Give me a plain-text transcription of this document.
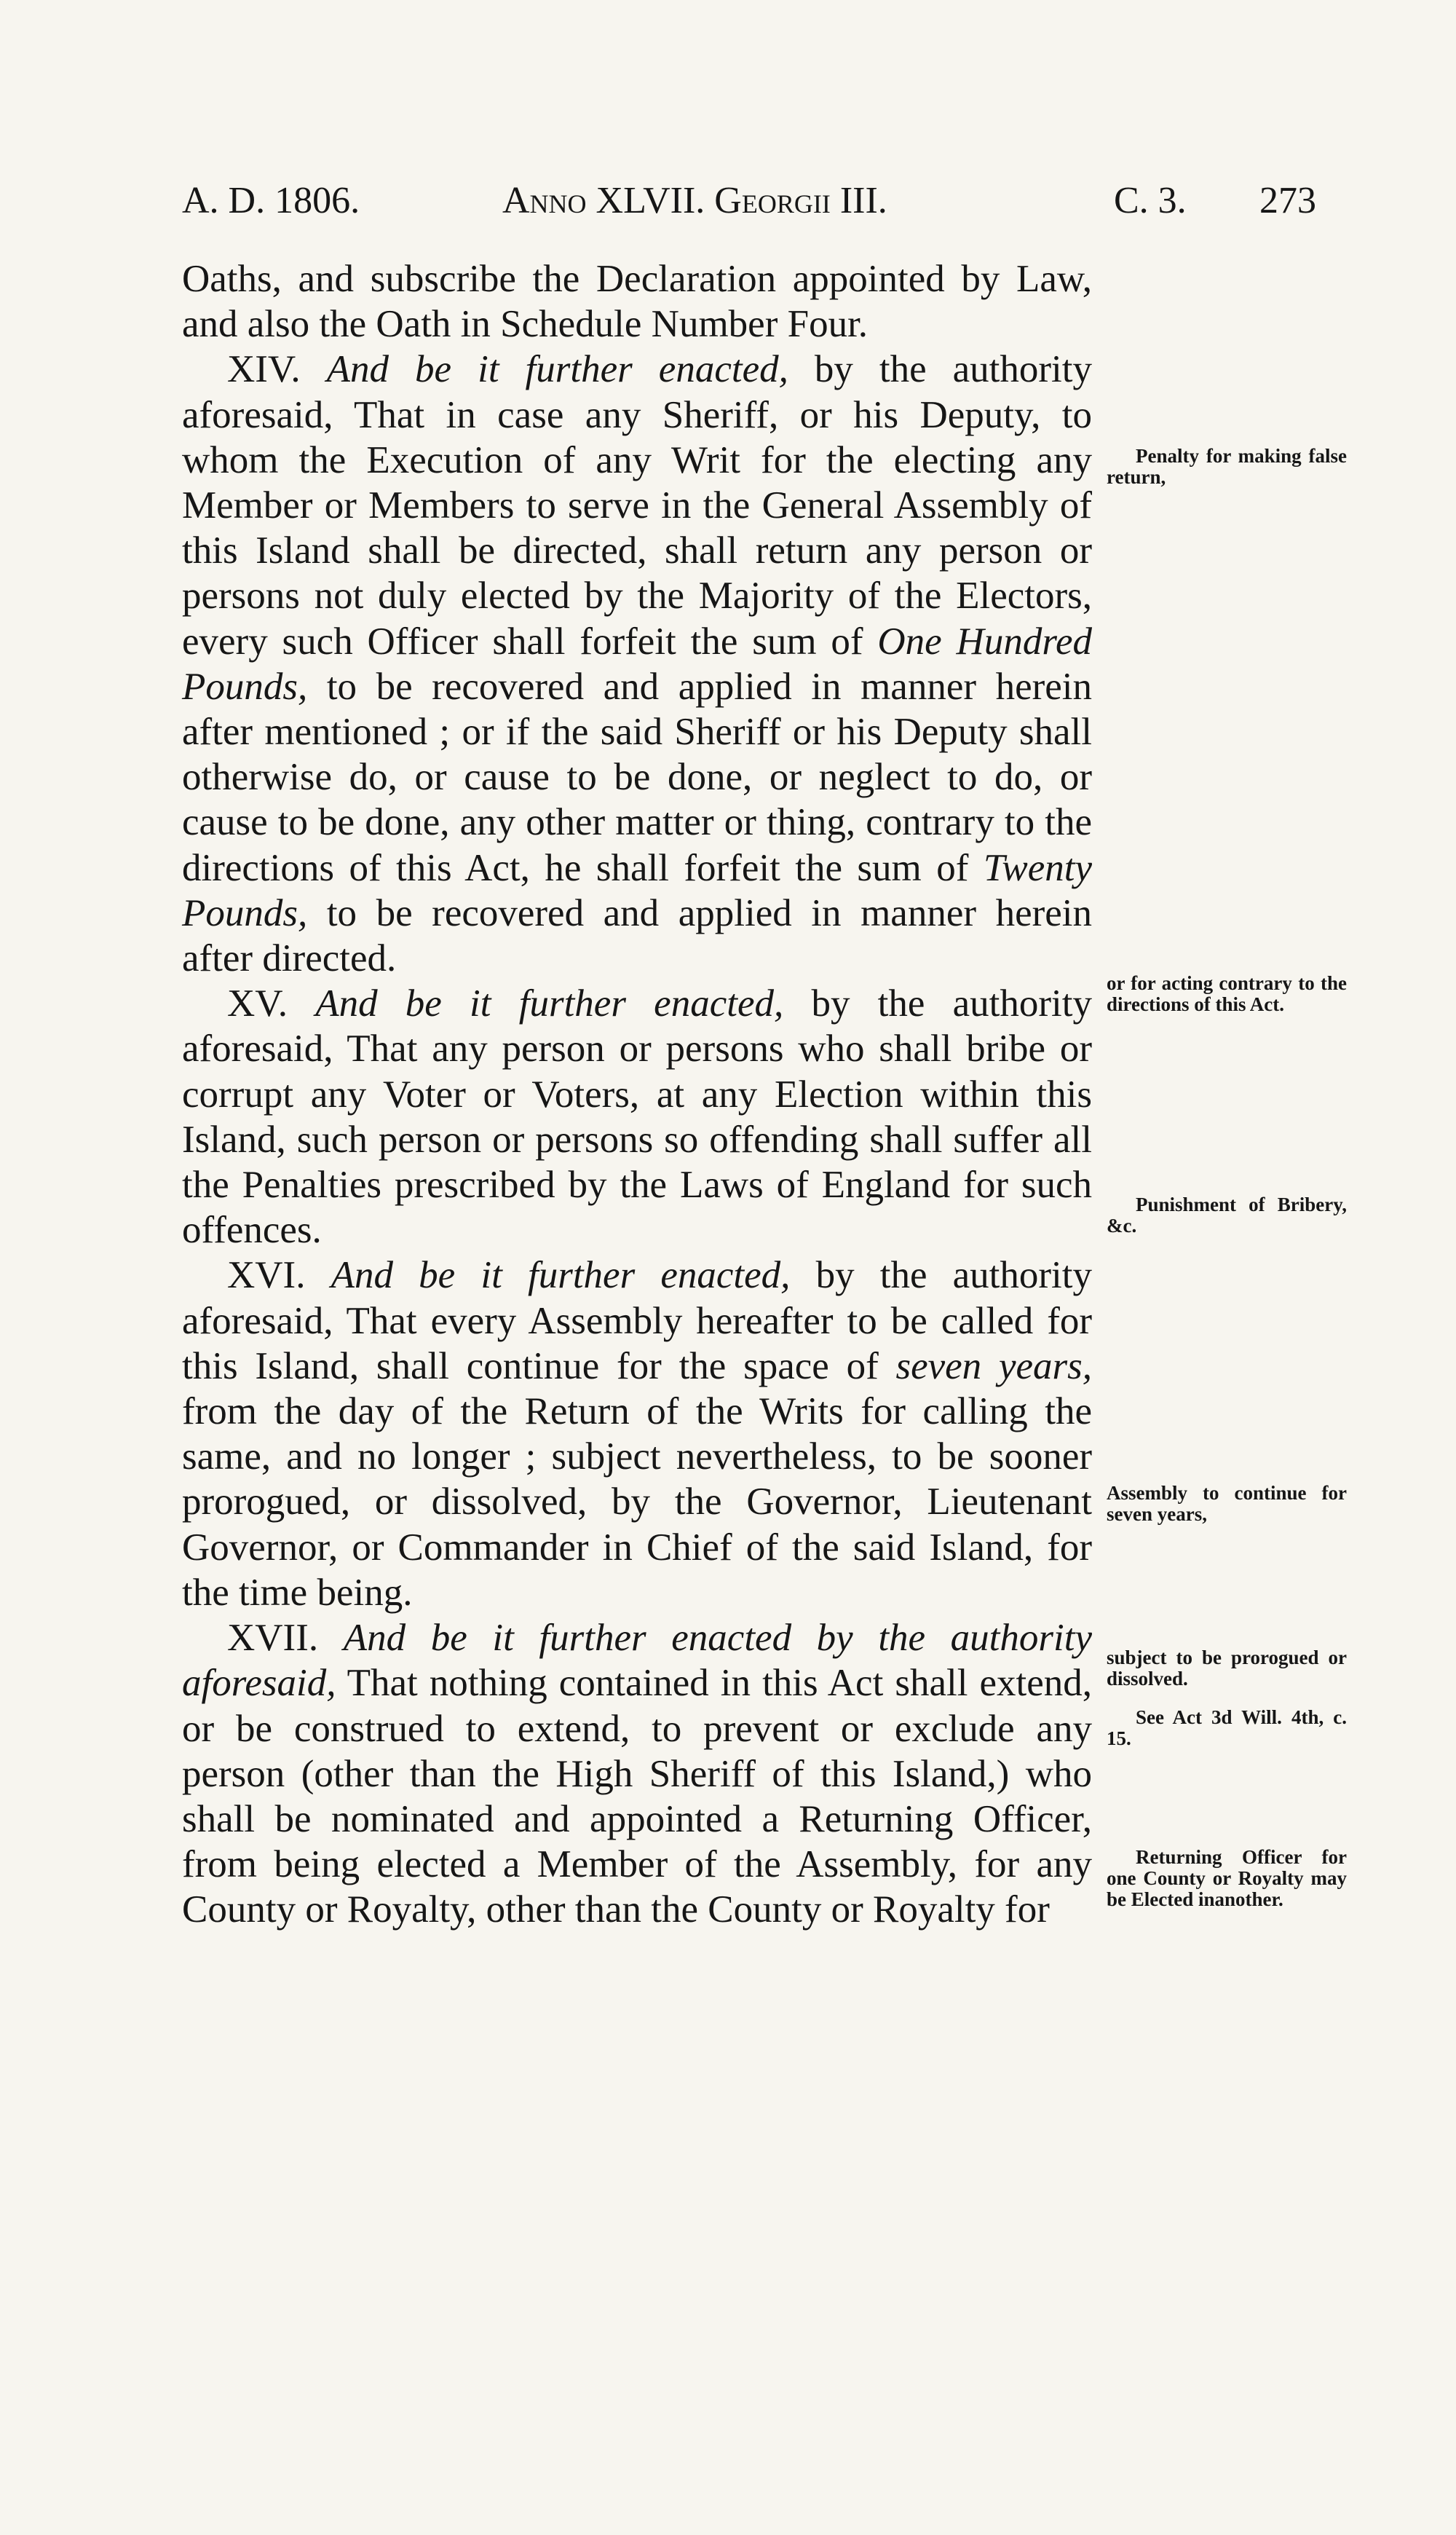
A. D. 1806.	Anno XLVII. Georgii III.	C. 3. 273

Oaths, and subscribe the Declaration appointed by Law, and also the Oath in Schedule Number Four.

XIV. And be it further enacted, by the authority aforesaid, That in case any Sheriff, or his Deputy, to whom the Execution of any Writ for the electing any Member or Members to serve in the General Assembly of this Island shall be directed, shall return any person or persons not duly elected by the Majority of the Electors, every such Officer shall forfeit the sum of One Hundred Pounds, to be recovered and applied in manner herein after mentioned ; or if the said Sheriff or his Deputy shall otherwise do, or cause to be done, or neglect to do, or cause to be done, any other matter or thing, contrary to the directions of this Act, he shall forfeit the sum of Twenty Pounds, to be recovered and applied in manner herein after directed.

XV. And be it further enacted, by the authority aforesaid, That any person or persons who shall bribe or corrupt any Voter or Voters, at any Election within this Island, such person or persons so offending shall suffer all the Penalties prescribed by the Laws of England for such offences.

XVI. And be it further enacted, by the authority aforesaid, That every Assembly hereafter to be called for this Island, shall continue for the space of seven years, from the day of the Return of the Writs for calling the same, and no longer ; subject nevertheless, to be sooner prorogued, or dissolved, by the Governor, Lieutenant Governor, or Commander in Chief of the said Island, for the time being.

XVII. And be it further enacted by the authority aforesaid, That nothing contained in this Act shall extend, or be construed to extend, to prevent or exclude any person (other than the High Sheriff of this Island,) who shall be nominated and appointed a Returning Officer, from being elected a Member of the Assembly, for any County or Royalty, other than the County or Royalty for

Penalty for making false return,
or for acting contrary to the directions of this Act.
Punishment of Bribery, &c.
Assembly to continue for seven years,
subject to be prorogued or dissolved.
See Act 3d Will. 4th, c. 15.
Returning Officer for one County or Royalty may be Elected inanother.
